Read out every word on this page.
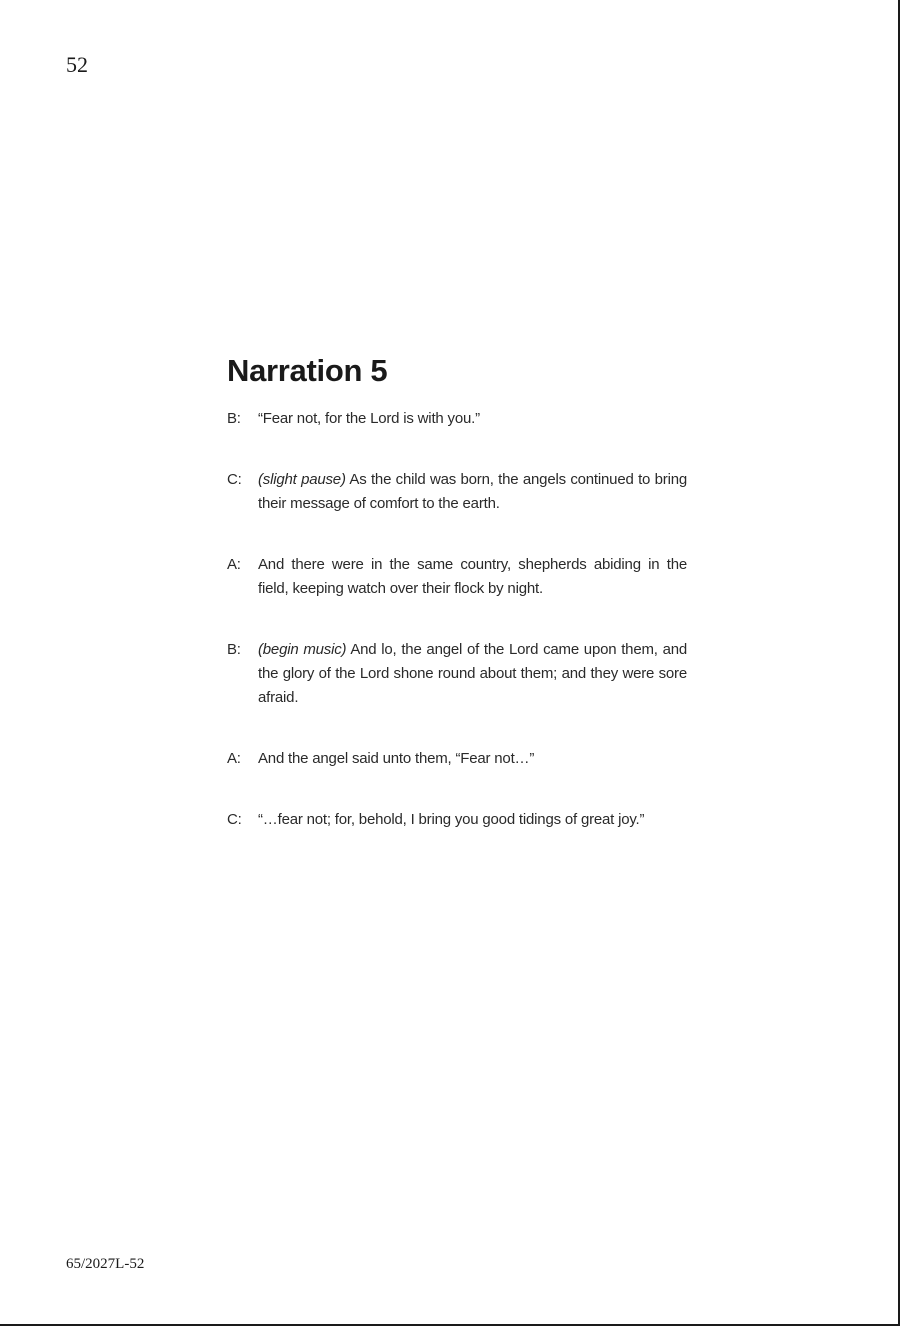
52
Narration 5
B:	“Fear not, for the Lord is with you.”
C:	(slight pause) As the child was born, the angels continued to bring their message of comfort to the earth.
A:	And there were in the same country, shepherds abiding in the field, keeping watch over their flock by night.
B:	(begin music) And lo, the angel of the Lord came upon them, and the glory of the Lord shone round about them; and they were sore afraid.
A:	And the angel said unto them, “Fear not…”
C:	“…fear not; for, behold, I bring you good tidings of great joy.”
65/2027L-52
